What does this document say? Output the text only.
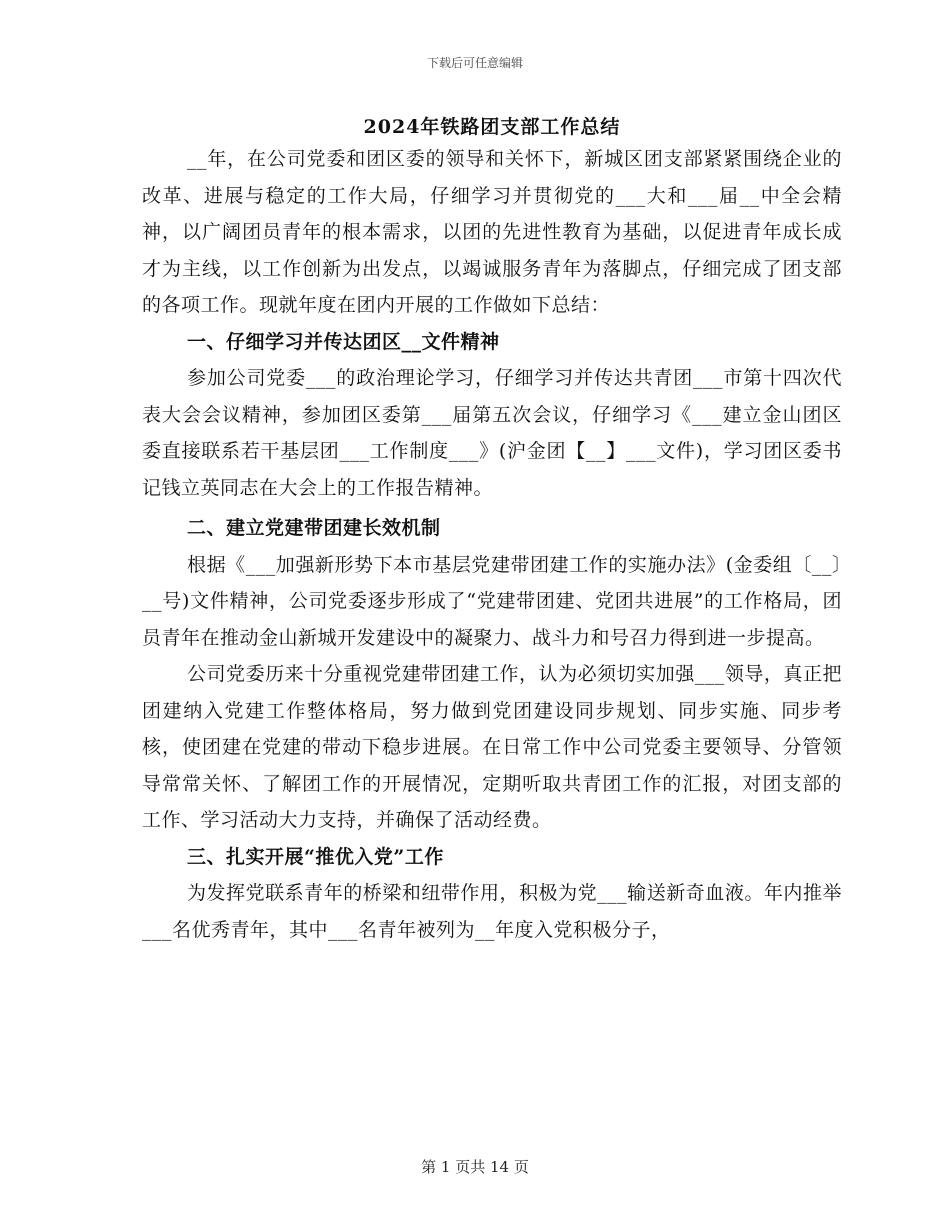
下载后可任意编辑
2024年铁路团支部工作总结

__年，在公司党委和团区委的领导和关怀下，新城区团支部紧紧围绕企业的改革、进展与稳定的工作大局，仔细学习并贯彻党的___大和___届__中全会精神，以广阔团员青年的根本需求，以团的先进性教育为基础，以促进青年成长成才为主线，以工作创新为出发点，以竭诚服务青年为落脚点，仔细完成了团支部的各项工作。现就年度在团内开展的工作做如下总结：

一、仔细学习并传达团区__文件精神

参加公司党委___的政治理论学习，仔细学习并传达共青团___市第十四次代表大会会议精神，参加团区委第___届第五次会议，仔细学习《___建立金山团区委直接联系若干基层团___工作制度___》(沪金团【__】___文件)，学习团区委书记钱立英同志在大会上的工作报告精神。

二、建立党建带团建长效机制

根据《___加强新形势下本市基层党建带团建工作的实施办法》(金委组〔__〕__号)文件精神，公司党委逐步形成了“党建带团建、党团共进展”的工作格局，团员青年在推动金山新城开发建设中的凝聚力、战斗力和号召力得到进一步提高。

公司党委历来十分重视党建带团建工作，认为必须切实加强___领导，真正把团建纳入党建工作整体格局，努力做到党团建设同步规划、同步实施、同步考核，使团建在党建的带动下稳步进展。在日常工作中公司党委主要领导、分管领导常常关怀、了解团工作的开展情况，定期听取共青团工作的汇报，对团支部的工作、学习活动大力支持，并确保了活动经费。

三、扎实开展“推优入党”工作

为发挥党联系青年的桥梁和纽带作用，积极为党___输送新奇血液。年内推举___名优秀青年，其中___名青年被列为__年度入党积极分子，

第 1 页共 14 页
